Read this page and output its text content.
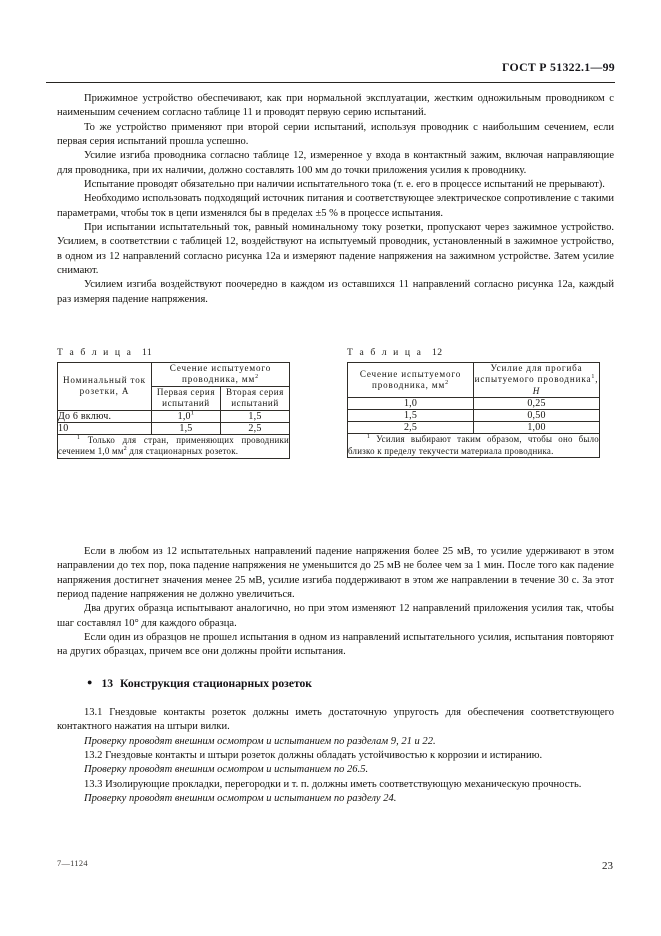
ГОСТ Р 51322.1—99

Прижимное устройство обеспечивают, как при нормальной эксплуатации, жестким одножильным проводником с наименьшим сечением согласно таблице 11 и проводят первую серию испытаний.

То же устройство применяют при второй серии испытаний, используя проводник с наибольшим сечением, если первая серия испытаний прошла успешно.

Усилие изгиба проводника согласно таблице 12, измеренное у входа в контактный зажим, включая направляющие для проводника, при их наличии, должно составлять 100 мм до точки приложения усилия к проводнику.

Испытание проводят обязательно при наличии испытательного тока (т. е. его в процессе испытаний не прерывают).

Необходимо использовать подходящий источник питания и соответствующее электрическое сопротивление с такими параметрами, чтобы ток в цепи изменялся бы в пределах ±5 % в процессе испытания.

При испытании испытательный ток, равный номинальному току розетки, пропускают через зажимное устройство. Усилием, в соответствии с таблицей 12, воздействуют на испытуемый проводник, установленный в зажимное устройство, в одном из 12 направлений согласно рисунка 12а и измеряют падение напряжения на зажимном устройстве. Затем усилие снимают.

Усилием изгиба воздействуют поочередно в каждом из оставшихся 11 направлений согласно рисунка 12а, каждый раз измеряя падение напряжения.

Т а б л и ц а 11
Номинальный ток розетки, А	Сечение испытуемого проводника, $мм^2$
	Первая серия испытаний	Вторая серия испытаний
До 6 включ.	$1,0^1$	1,5
10	1,5	2,5
$^1$ Только для стран, применяющих проводники сечением 1,0 $мм^2$ для стационарных розеток.		
Т а б л и ц а 12
Сечение испытуемого проводника, $мм^2$	Усилие для прогиба испытуемого проводника$^1$, Н
1,0	0,25
1,5	0,50
2,5	1,00
$^1$ Усилия выбирают таким образом, чтобы оно было близко к пределу текучести материала проводника.	

Если в любом из 12 испытательных направлений падение напряжения более 25 мВ, то усилие удерживают в этом направлении до тех пор, пока падение напряжения не уменьшится до 25 мВ не более чем за 1 мин. После того как падение напряжения достигнет значения менее 25 мВ, усилие изгиба поддерживают в этом же направлении в течение 30 с. За этот период падение напряжения не должно увеличиться.

Два других образца испытывают аналогично, но при этом изменяют 12 направлений приложения усилия так, чтобы шаг составлял 10° для каждого образца.

Если один из образцов не прошел испытания в одном из направлений испытательного усилия, испытания повторяют на других образцах, причем все они должны пройти испытания.

● 13 Конструкция стационарных розеток

13.1 Гнездовые контакты розеток должны иметь достаточную упругость для обеспечения соответствующего контактного нажатия на штыри вилки.

Проверку проводят внешним осмотром и испытанием по разделам 9, 21 и 22.

13.2 Гнездовые контакты и штыри розеток должны обладать устойчивостью к коррозии и истиранию.

Проверку проводят внешним осмотром и испытанием по 26.5.

13.3 Изолирующие прокладки, перегородки и т. п. должны иметь соответствующую механическую прочность.

Проверку проводят внешним осмотром и испытанием по разделу 24.

7—1124	23
